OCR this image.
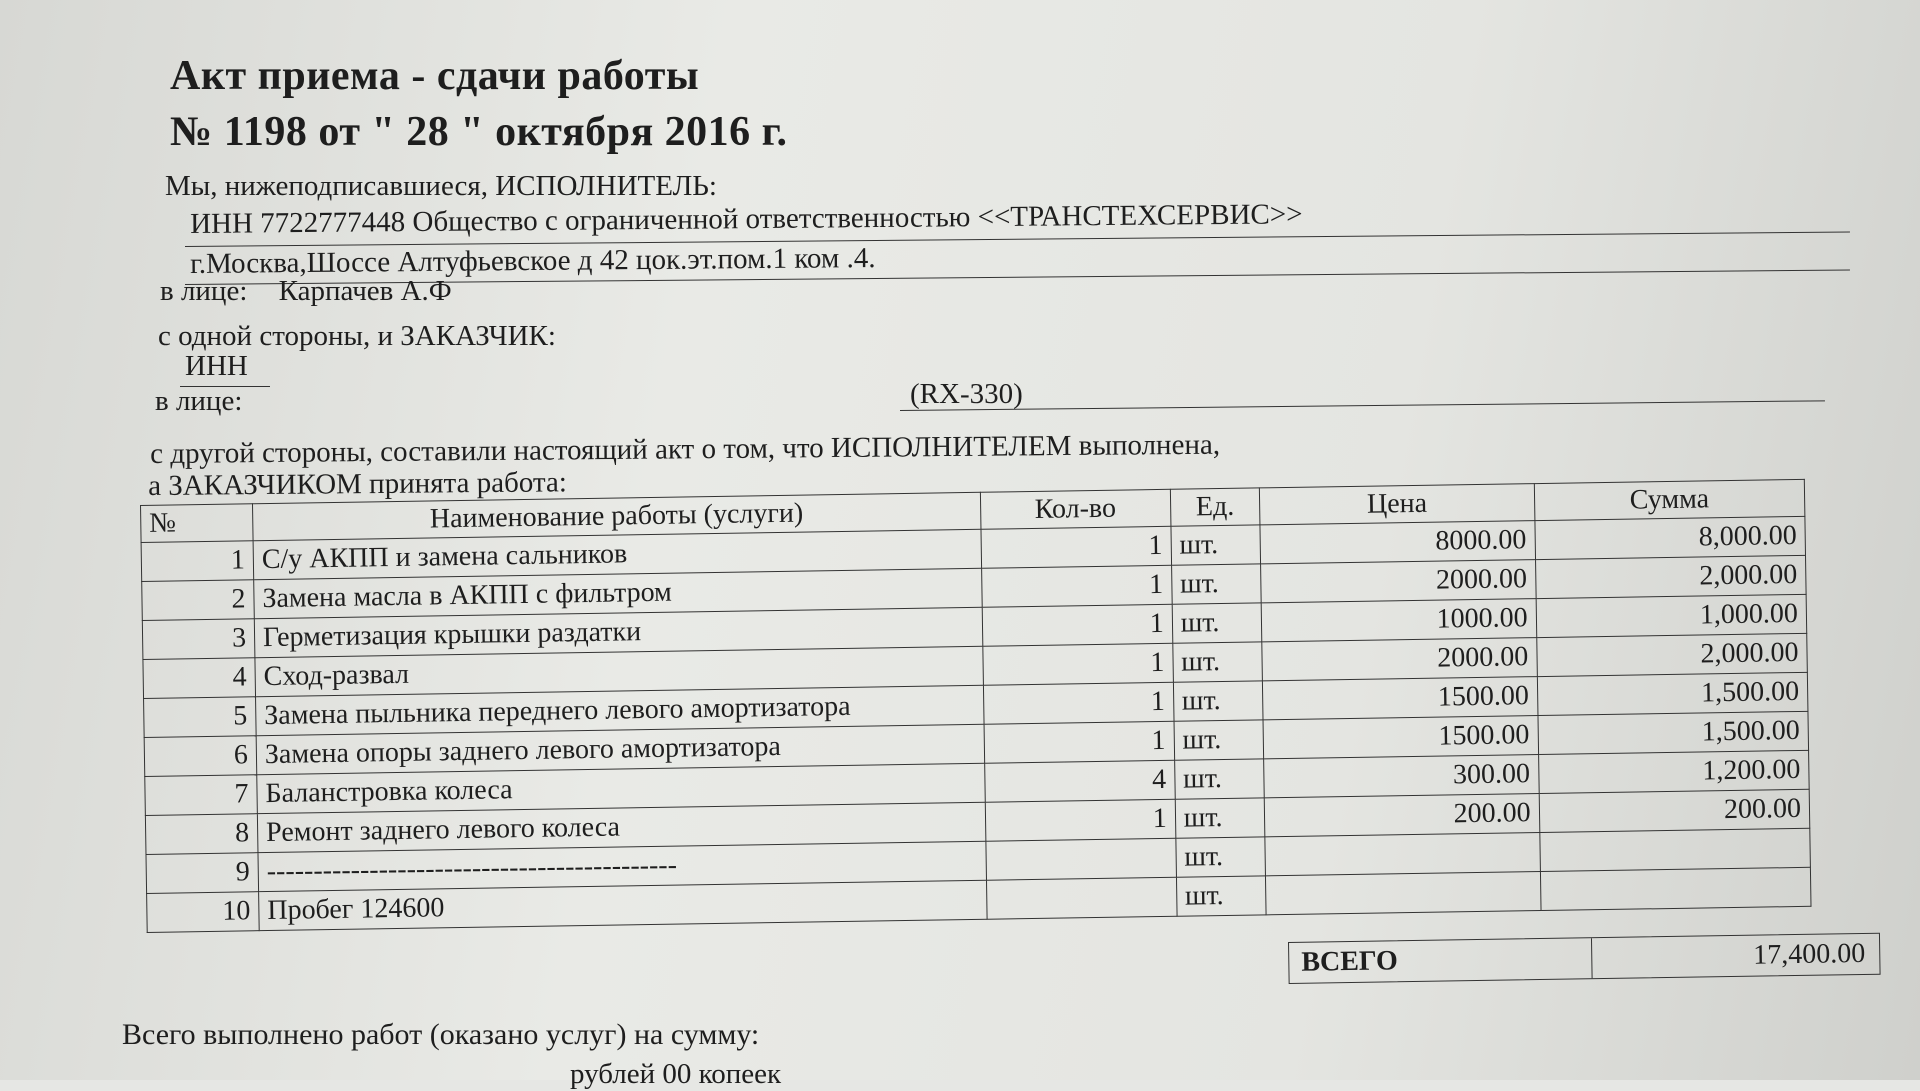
Акт приема - сдачи работы
№ 1198 от " 28 " октября 2016 г.
Мы, нижеподписавшиеся, ИСПОЛНИТЕЛЬ:
ИНН 7722777448 Общество с ограниченной ответственностью <<ТРАНСТЕХСЕРВИС>>
г.Москва,Шоссе Алтуфьевское д 42 цок.эт.пом.1 ком .4.
в лице: Карпачев А.Ф
с одной стороны, и ЗАКАЗЧИК:
ИНН
в лице:	(RX-330)
с другой стороны, составили настоящий акт о том, что ИСПОЛНИТЕЛЕМ выполнена,
а ЗАКАЗЧИКОМ принята работа:
№	Наименование работы (услуги)	Кол-во	Ед.	Цена	Сумма
1	С/у АКПП и замена сальников	1	шт.	8000.00	8,000.00
2	Замена масла в АКПП с фильтром	1	шт.	2000.00	2,000.00
3	Герметизация крышки раздатки	1	шт.	1000.00	1,000.00
4	Сход-развал	1	шт.	2000.00	2,000.00
5	Замена пыльника переднего левого амортизатора	1	шт.	1500.00	1,500.00
6	Замена опоры заднего левого амортизатора	1	шт.	1500.00	1,500.00
7	Баланстровка колеса	4	шт.	300.00	1,200.00
8	Ремонт заднего левого колеса	1	шт.	200.00	200.00
9	--------------------------------------------		шт.		
10	Пробег 124600		шт.		
ВСЕГО	17,400.00
Всего выполнено работ (оказано услуг) на сумму:
рублей 00 копеек
